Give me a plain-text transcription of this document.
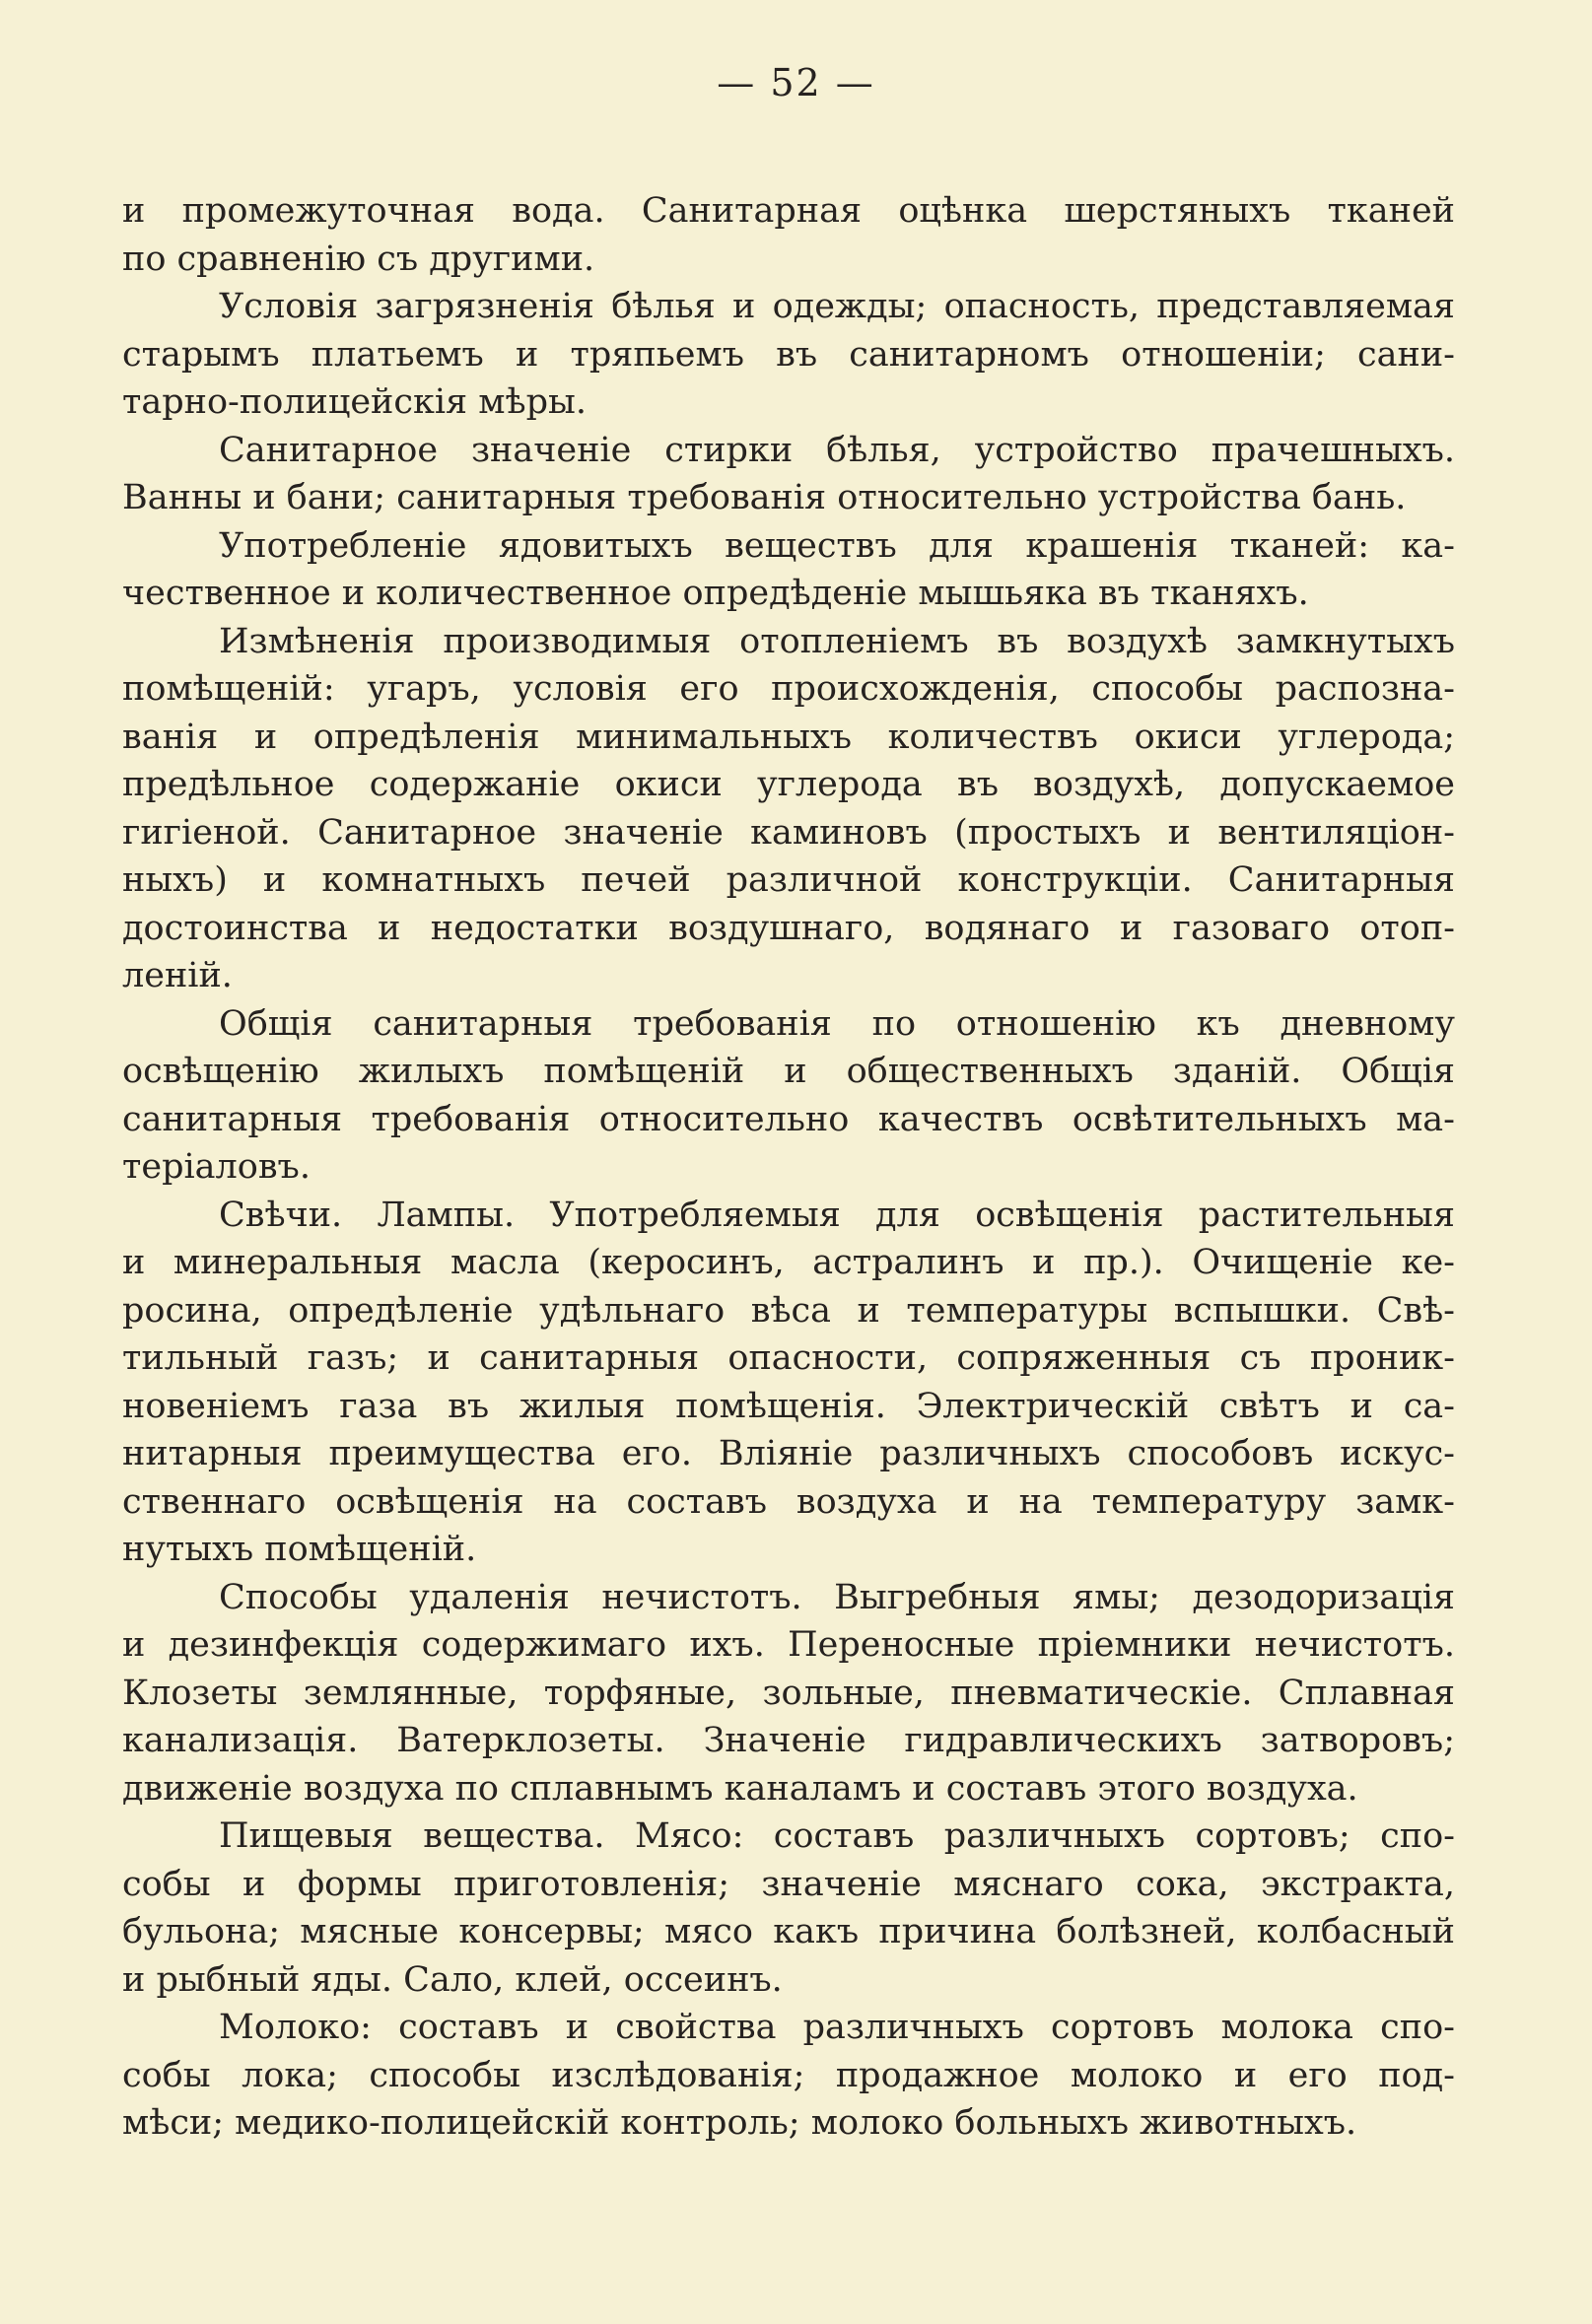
— 52 —
и промежуточная вода. Санитарная оцѣнка шерстяныхъ тканей
по сравненію съ другими.
Условія загрязненія бѣлья и одежды; опасность, представляемая
старымъ платьемъ и тряпьемъ въ санитарномъ отношеніи; сани-
тарно-полицейскія мѣры.
Санитарное значеніе стирки бѣлья, устройство прачешныхъ.
Ванны и бани; санитарныя требованія относительно устройства бань.
Употребленіе ядовитыхъ веществъ для крашенія тканей: ка-
чественное и количественное опредѣденіе мышьяка въ тканяхъ.
Измѣненія производимыя отопленіемъ въ воздухѣ замкнутыхъ
помѣщеній: угаръ, условія его происхожденія, способы распозна-
ванія и опредѣленія минимальныхъ количествъ окиси углерода;
предѣльное содержаніе окиси углерода въ воздухѣ, допускаемое
гигіеной. Санитарное значеніе каминовъ (простыхъ и вентиляціон-
ныхъ) и комнатныхъ печей различной конструкціи. Санитарныя
достоинства и недостатки воздушнаго, водянаго и газоваго отоп-
леній.
Общія санитарныя требованія по отношенію къ дневному
освѣщенію жилыхъ помѣщеній и общественныхъ зданій. Общія
санитарныя требованія относительно качествъ освѣтительныхъ ма-
теріаловъ.
Свѣчи. Лампы. Употребляемыя для освѣщенія растительныя
и минеральныя масла (керосинъ, астралинъ и пр.). Очищеніе ке-
росина, опредѣленіе удѣльнаго вѣса и температуры вспышки. Свѣ-
тильный газъ; и санитарныя опасности, сопряженныя съ проник-
новеніемъ газа въ жилыя помѣщенія. Электрическій свѣтъ и са-
нитарныя преимущества его. Вліяніе различныхъ способовъ искус-
ственнаго освѣщенія на составъ воздуха и на температуру замк-
нутыхъ помѣщеній.
Способы удаленія нечистотъ. Выгребныя ямы; дезодоризація
и дезинфекція содержимаго ихъ. Переносные пріемники нечистотъ.
Клозеты землянные, торфяные, зольные, пневматическіе. Сплавная
канализація. Ватерклозеты. Значеніе гидравлическихъ затворовъ;
движеніе воздуха по сплавнымъ каналамъ и составъ этого воздуха.
Пищевыя вещества. Мясо: составъ различныхъ сортовъ; спо-
собы и формы приготовленія; значеніе мяснаго сока, экстракта,
бульона; мясные консервы; мясо какъ причина болѣзней, колбасный
и рыбный яды. Сало, клей, оссеинъ.
Молоко: составъ и свойства различныхъ сортовъ молока спо-
собы лока; способы изслѣдованія; продажное молоко и его под-
мѣси; медико-полицейскій контроль; молоко больныхъ животныхъ.
